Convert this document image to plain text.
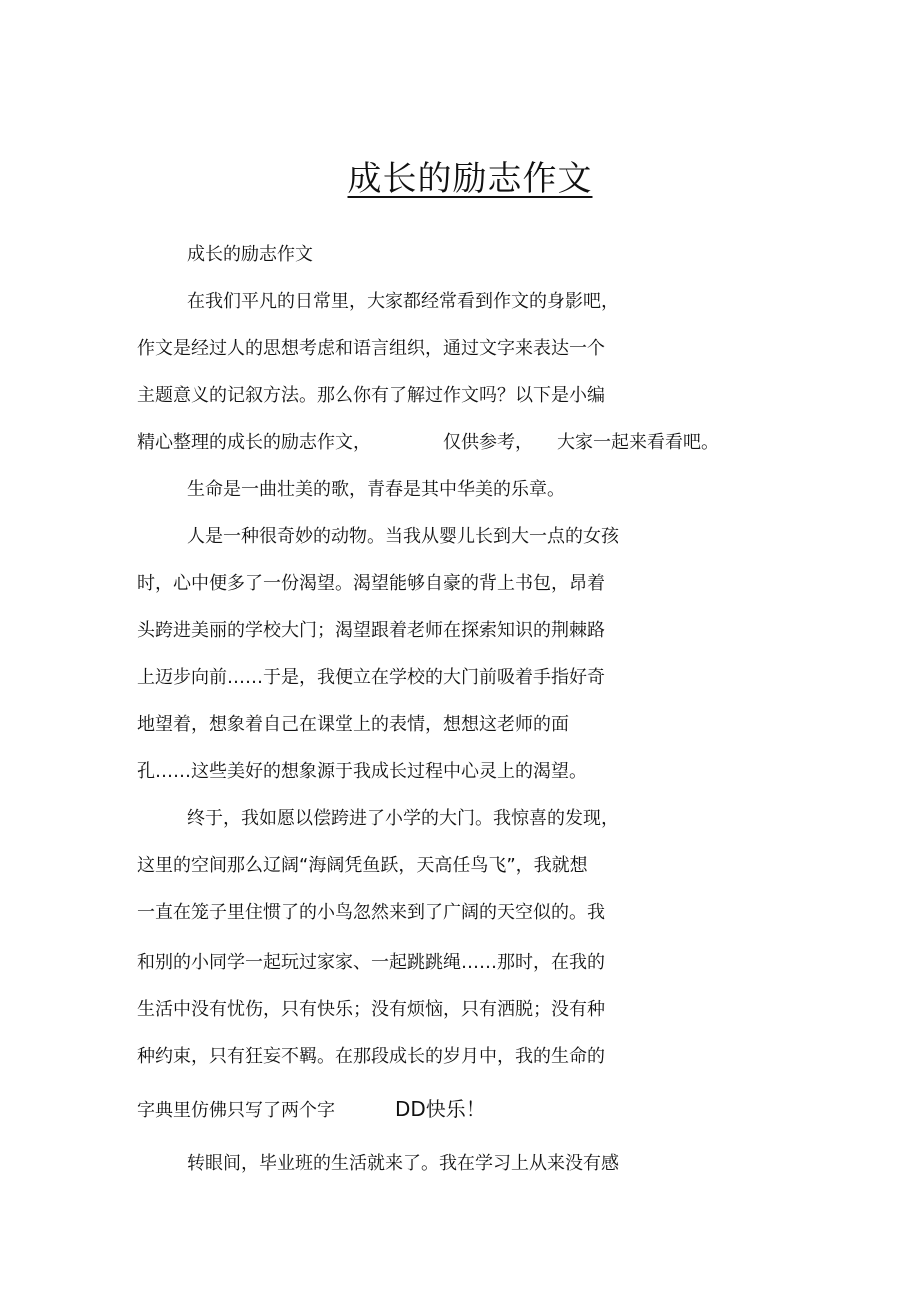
成长的励志作文
成长的励志作文
在我们平凡的日常里，大家都经常看到作文的身影吧，
作文是经过人的思想考虑和语言组织，通过文字来表达一个
主题意义的记叙方法。那么你有了解过作文吗？以下是小编
精心整理的成长的励志作文，	仅供参考， 大家一起来看看吧。
生命是一曲壮美的歌，青春是其中华美的乐章。
人是一种很奇妙的动物。当我从婴儿长到大一点的女孩
时，心中便多了一份渴望。渴望能够自豪的背上书包，昂着
头跨进美丽的学校大门；渴望跟着老师在探索知识的荆棘路
上迈步向前……于是，我便立在学校的大门前吸着手指好奇
地望着，想象着自己在课堂上的表情，想想这老师的面
孔……这些美好的想象源于我成长过程中心灵上的渴望。
终于，我如愿以偿跨进了小学的大门。我惊喜的发现，
这里的空间那么辽阔“海阔凭鱼跃，天高任鸟飞”，我就想
一直在笼子里住惯了的小鸟忽然来到了广阔的天空似的。我
和别的小同学一起玩过家家、一起跳跳绳……那时，在我的
生活中没有忧伤，只有快乐；没有烦恼，只有洒脱；没有种
种约束，只有狂妄不羁。在那段成长的岁月中，我的生命的
字典里仿佛只写了两个字	DD快乐！
转眼间，毕业班的生活就来了。我在学习上从来没有感
